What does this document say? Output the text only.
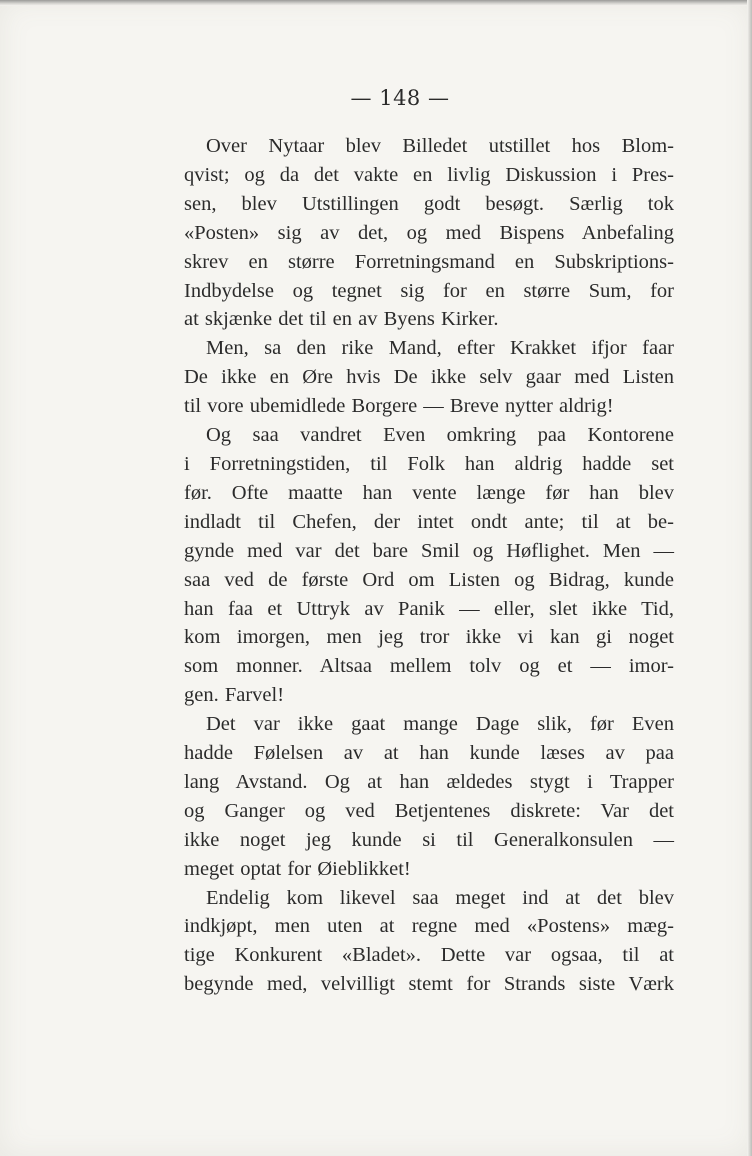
— 148 —
Over Nytaar blev Billedet utstillet hos Blom-
qvist; og da det vakte en livlig Diskussion i Pres-
sen, blev Utstillingen godt besøgt. Særlig tok
«Posten» sig av det, og med Bispens Anbefaling
skrev en større Forretningsmand en Subskriptions-
Indbydelse og tegnet sig for en større Sum, for
at skjænke det til en av Byens Kirker.
Men, sa den rike Mand, efter Krakket ifjor faar
De ikke en Øre hvis De ikke selv gaar med Listen
til vore ubemidlede Borgere — Breve nytter aldrig!
Og saa vandret Even omkring paa Kontorene
i Forretningstiden, til Folk han aldrig hadde set
før. Ofte maatte han vente længe før han blev
indladt til Chefen, der intet ondt ante; til at be-
gynde med var det bare Smil og Høflighet. Men —
saa ved de første Ord om Listen og Bidrag, kunde
han faa et Uttryk av Panik — eller, slet ikke Tid,
kom imorgen, men jeg tror ikke vi kan gi noget
som monner. Altsaa mellem tolv og et — imor-
gen. Farvel!
Det var ikke gaat mange Dage slik, før Even
hadde Følelsen av at han kunde læses av paa
lang Avstand. Og at han ældedes stygt i Trapper
og Ganger og ved Betjentenes diskrete: Var det
ikke noget jeg kunde si til Generalkonsulen —
meget optat for Øieblikket!
Endelig kom likevel saa meget ind at det blev
indkjøpt, men uten at regne med «Postens» mæg-
tige Konkurent «Bladet». Dette var ogsaa, til at
begynde med, velvilligt stemt for Strands siste Værk
